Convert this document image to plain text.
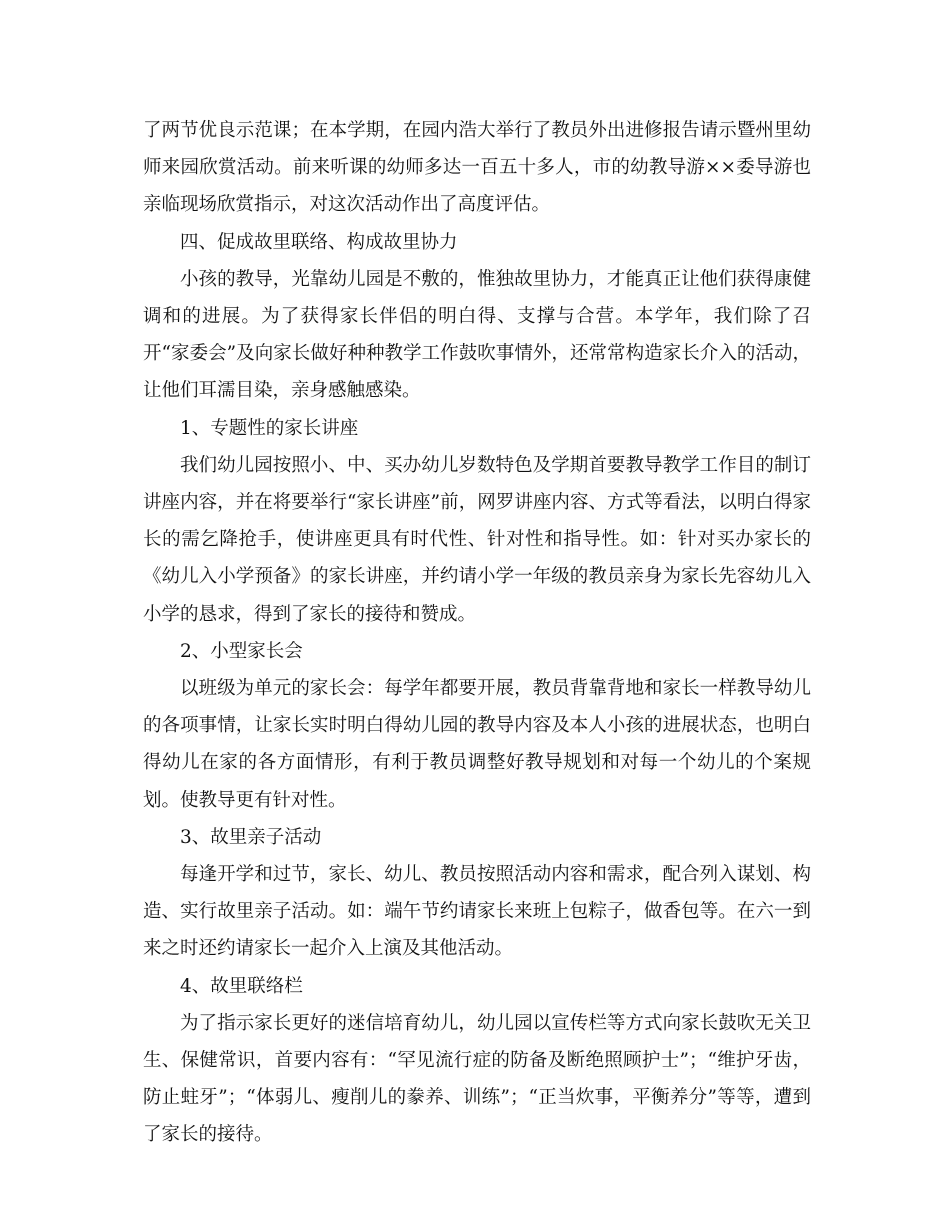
了两节优良示范课；在本学期，在园内浩大举行了教员外出进修报告请示暨州里幼师来园欣赏活动。前来听课的幼师多达一百五十多人，市的幼教导游××委导游也亲临现场欣赏指示，对这次活动作出了高度评估。

四、促成故里联络、构成故里协力

小孩的教导，光靠幼儿园是不敷的，惟独故里协力，才能真正让他们获得康健调和的进展。为了获得家长伴侣的明白得、支撑与合营。本学年，我们除了召开“家委会”及向家长做好种种教学工作鼓吹事情外，还常常构造家长介入的活动，让他们耳濡目染，亲身感触感染。

1、专题性的家长讲座

我们幼儿园按照小、中、买办幼儿岁数特色及学期首要教导教学工作目的制订讲座内容，并在将要举行“家长讲座”前，网罗讲座内容、方式等看法，以明白得家长的需乞降抢手，使讲座更具有时代性、针对性和指导性。如：针对买办家长的《幼儿入小学预备》的家长讲座，并约请小学一年级的教员亲身为家长先容幼儿入小学的恳求，得到了家长的接待和赞成。

2、小型家长会

以班级为单元的家长会：每学年都要开展，教员背靠背地和家长一样教导幼儿的各项事情，让家长实时明白得幼儿园的教导内容及本人小孩的进展状态，也明白得幼儿在家的各方面情形，有利于教员调整好教导规划和对每一个幼儿的个案规划。使教导更有针对性。

3、故里亲子活动

每逢开学和过节，家长、幼儿、教员按照活动内容和需求，配合列入谋划、构造、实行故里亲子活动。如：端午节约请家长来班上包粽子，做香包等。在六一到来之时还约请家长一起介入上演及其他活动。

4、故里联络栏

为了指示家长更好的迷信培育幼儿，幼儿园以宣传栏等方式向家长鼓吹无关卫生、保健常识，首要内容有：“罕见流行症的防备及断绝照顾护士”；“维护牙齿，防止蛀牙”；“体弱儿、瘦削儿的豢养、训练”；“正当炊事，平衡养分”等等，遭到了家长的接待。
